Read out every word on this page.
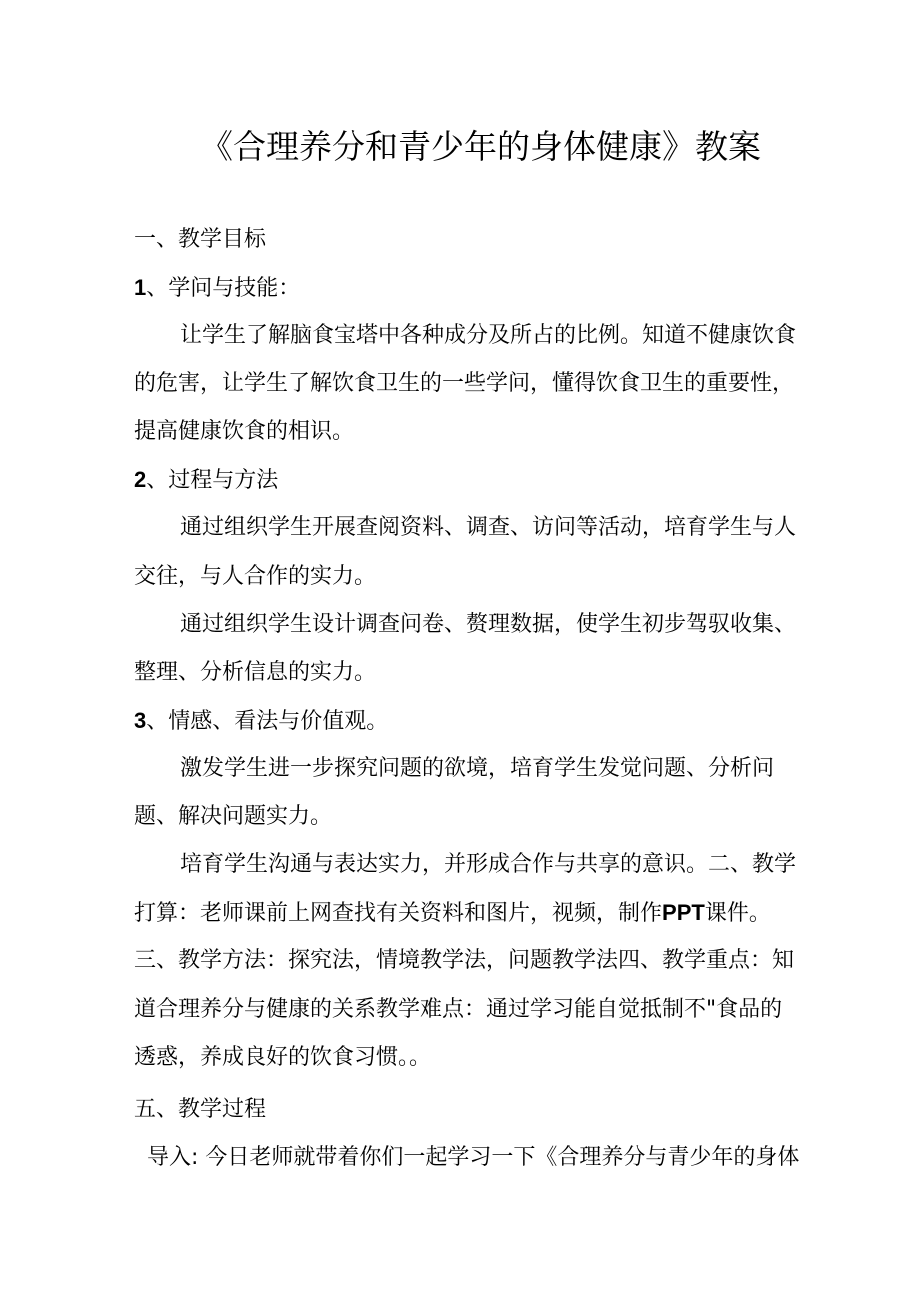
《合理养分和青少年的身体健康》教案
一、教学目标
1、学问与技能：
让学生了解脑食宝塔中各种成分及所占的比例。知道不健康饮食
的危害，让学生了解饮食卫生的一些学问，懂得饮食卫生的重要性，
提高健康饮食的相识。
2、过程与方法
通过组织学生开展查阅资料、调查、访问等活动，培育学生与人
交往，与人合作的实力。
通过组织学生设计调查问卷、赘理数据，使学生初步驾驭收集、
整理、分析信息的实力。
3、情感、看法与价值观。
激发学生进一步探究问题的欲境，培育学生发觉问题、分析问
题、解决问题实力。
培育学生沟通与表达实力，并形成合作与共享的意识。二、教学
打算：老师课前上网查找有关资料和图片，视频，制作PPT课件。
三、教学方法：探究法，情境教学法，问题教学法四、教学重点：知
道合理养分与健康的关系教学难点：通过学习能自觉抵制不"食品的
透惑，养成良好的饮食习惯。。
五、教学过程
导入: 今日老师就带着你们一起学习一下《合理养分与青少年的身体
